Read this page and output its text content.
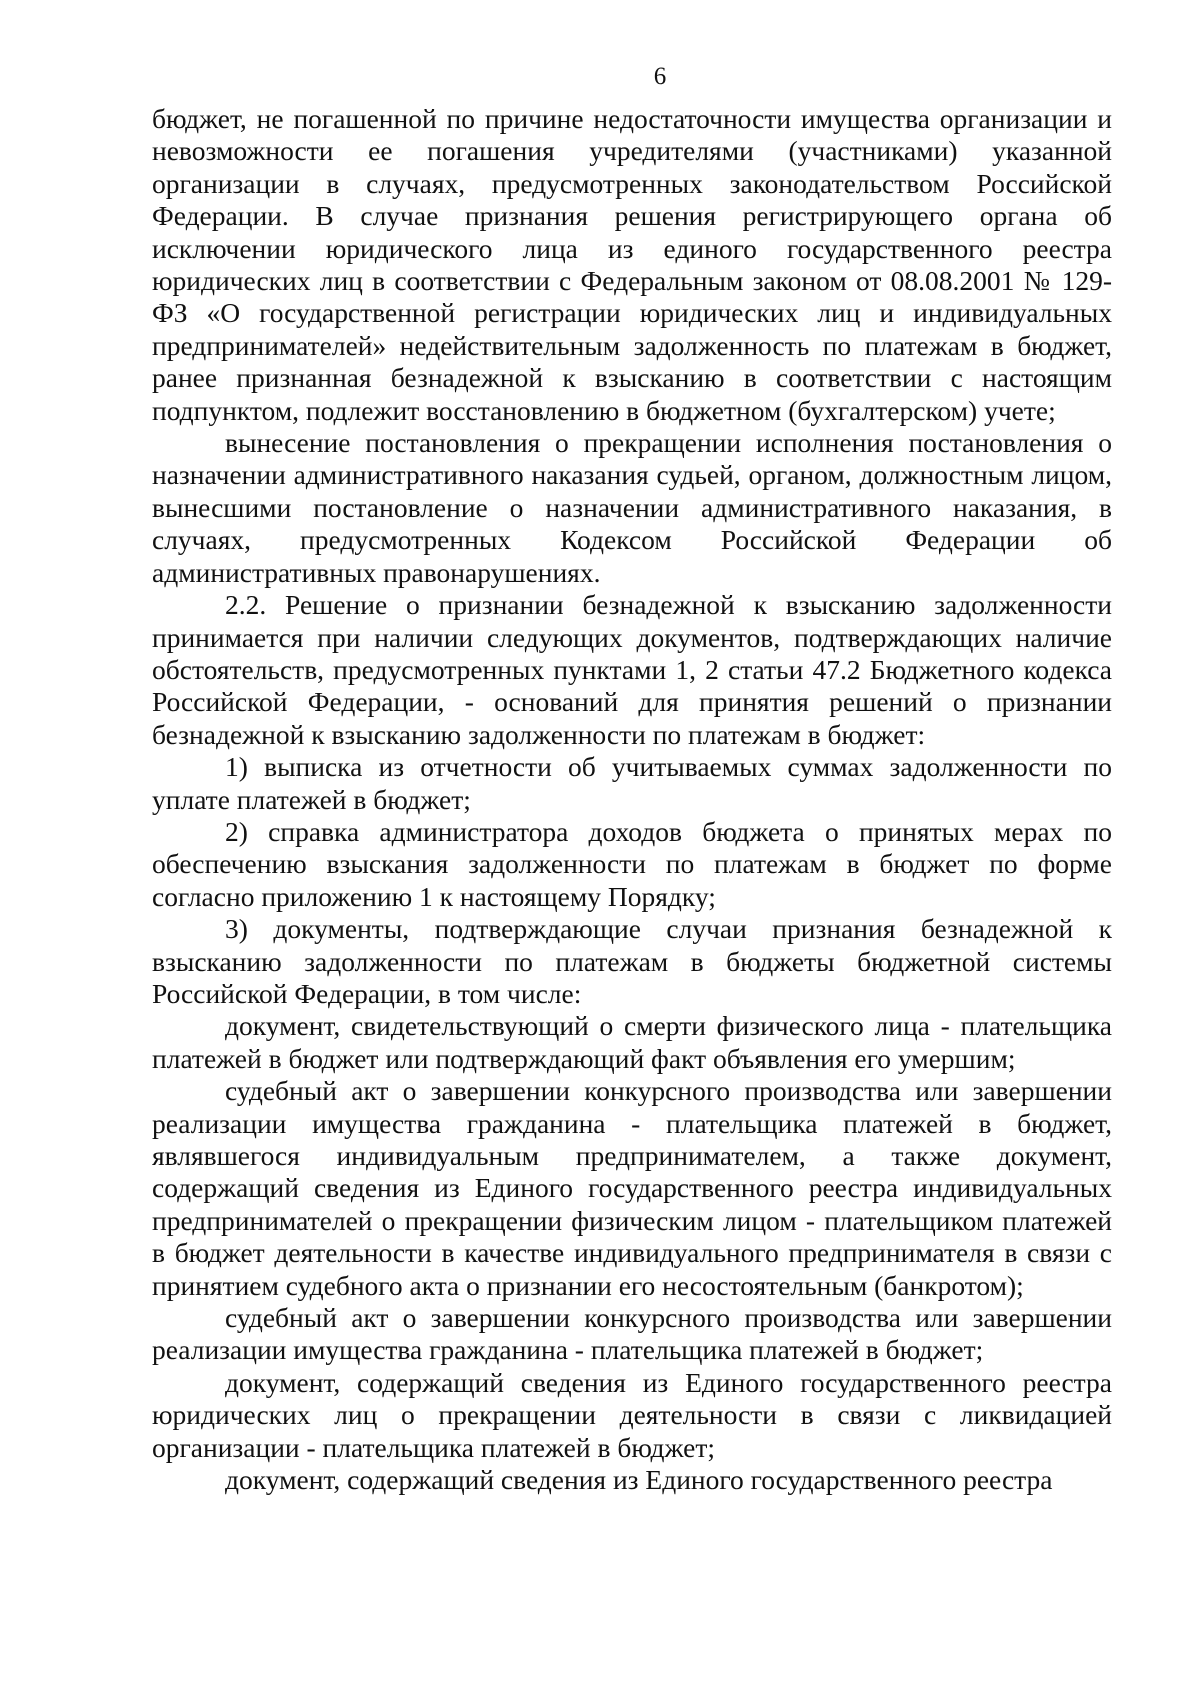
6

бюджет, не погашенной по причине недостаточности имущества организации и невозможности ее погашения учредителями (участниками) указанной организации в случаях, предусмотренных законодательством Российской Федерации. В случае признания решения регистрирующего органа об исключении юридического лица из единого государственного реестра юридических лиц в соответствии с Федеральным законом от 08.08.2001 № 129-ФЗ «О государственной регистрации юридических лиц и индивидуальных предпринимателей» недействительным задолженность по платежам в бюджет, ранее признанная безнадежной к взысканию в соответствии с настоящим подпунктом, подлежит восстановлению в бюджетном (бухгалтерском) учете;

вынесение постановления о прекращении исполнения постановления о назначении административного наказания судьей, органом, должностным лицом, вынесшими постановление о назначении административного наказания, в случаях, предусмотренных Кодексом Российской Федерации об административных правонарушениях.

2.2. Решение о признании безнадежной к взысканию задолженности принимается при наличии следующих документов, подтверждающих наличие обстоятельств, предусмотренных пунктами 1, 2 статьи 47.2 Бюджетного кодекса Российской Федерации, - оснований для принятия решений о признании безнадежной к взысканию задолженности по платежам в бюджет:

1) выписка из отчетности об учитываемых суммах задолженности по уплате платежей в бюджет;

2) справка администратора доходов бюджета о принятых мерах по обеспечению взыскания задолженности по платежам в бюджет по форме согласно приложению 1 к настоящему Порядку;

3) документы, подтверждающие случаи признания безнадежной к взысканию задолженности по платежам в бюджеты бюджетной системы Российской Федерации, в том числе:

документ, свидетельствующий о смерти физического лица - плательщика платежей в бюджет или подтверждающий факт объявления его умершим;

судебный акт о завершении конкурсного производства или завершении реализации имущества гражданина - плательщика платежей в бюджет, являвшегося индивидуальным предпринимателем, а также документ, содержащий сведения из Единого государственного реестра индивидуальных предпринимателей о прекращении физическим лицом - плательщиком платежей в бюджет деятельности в качестве индивидуального предпринимателя в связи с принятием судебного акта о признании его несостоятельным (банкротом);

судебный акт о завершении конкурсного производства или завершении реализации имущества гражданина - плательщика платежей в бюджет;

документ, содержащий сведения из Единого государственного реестра юридических лиц о прекращении деятельности в связи с ликвидацией организации - плательщика платежей в бюджет;

документ, содержащий сведения из Единого государственного реестра
